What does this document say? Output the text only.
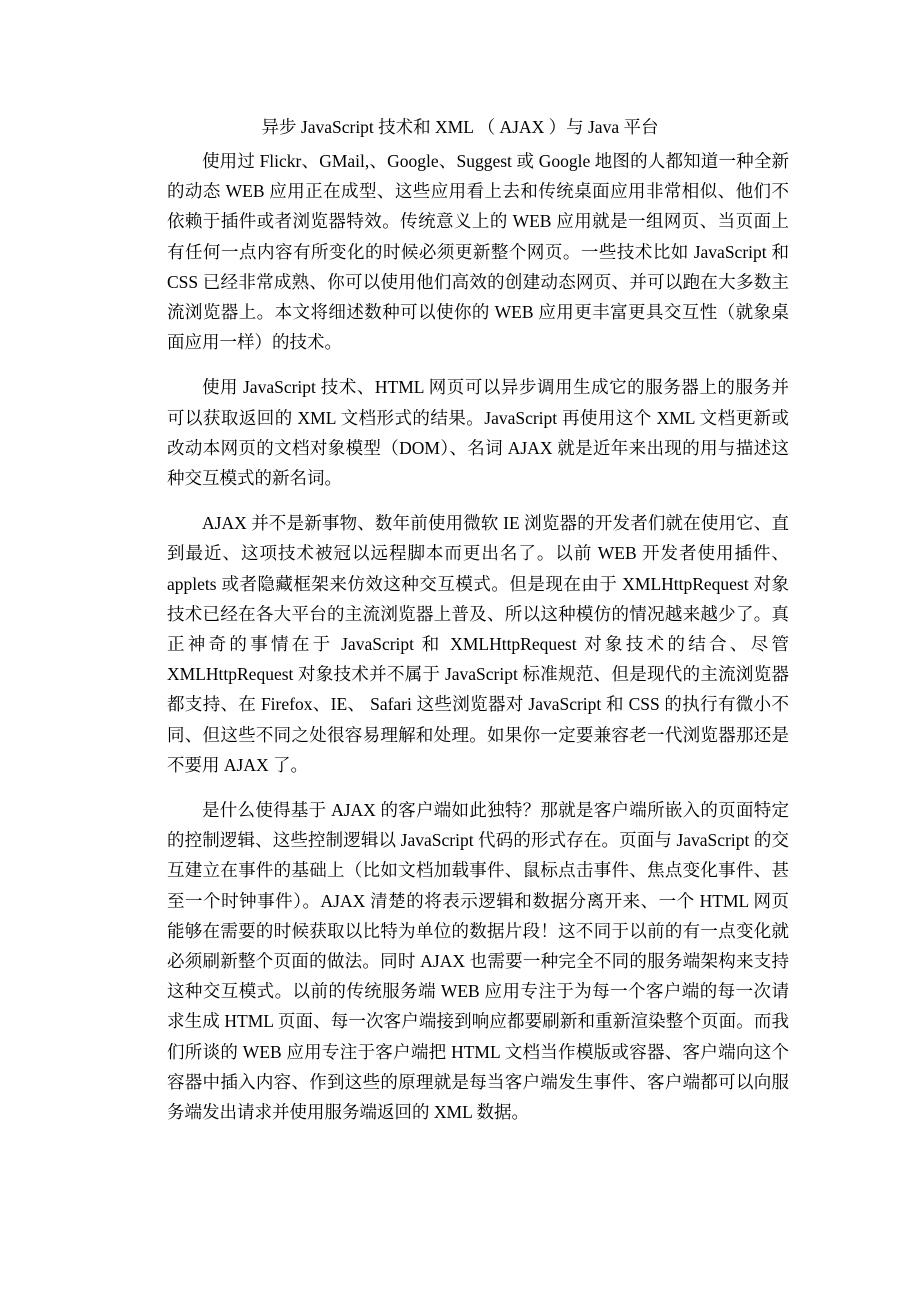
异步 JavaScript 技术和 XML （ AJAX ）与 Java 平台

使用过 Flickr、GMail,、Google、Suggest 或 Google 地图的人都知道一种全新的动态 WEB 应用正在成型、这些应用看上去和传统桌面应用非常相似、他们不依赖于插件或者浏览器特效。传统意义上的 WEB 应用就是一组网页、当页面上有任何一点内容有所变化的时候必须更新整个网页。一些技术比如 JavaScript 和 CSS 已经非常成熟、你可以使用他们高效的创建动态网页、并可以跑在大多数主流浏览器上。本文将细述数种可以使你的 WEB 应用更丰富更具交互性（就象桌面应用一样）的技术。

使用 JavaScript 技术、HTML 网页可以异步调用生成它的服务器上的服务并可以获取返回的 XML 文档形式的结果。JavaScript 再使用这个 XML 文档更新或改动本网页的文档对象模型（DOM）、名词 AJAX 就是近年来出现的用与描述这种交互模式的新名词。

AJAX 并不是新事物、数年前使用微软 IE 浏览器的开发者们就在使用它、直到最近、这项技术被冠以远程脚本而更出名了。以前 WEB 开发者使用插件、applets 或者隐藏框架来仿效这种交互模式。但是现在由于 XMLHttpRequest 对象技术已经在各大平台的主流浏览器上普及、所以这种模仿的情况越来越少了。真正神奇的事情在于 JavaScript 和 XMLHttpRequest 对象技术的结合、尽管 XMLHttpRequest 对象技术并不属于 JavaScript 标准规范、但是现代的主流浏览器都支持、在 Firefox、IE、 Safari 这些浏览器对 JavaScript 和 CSS 的执行有微小不同、但这些不同之处很容易理解和处理。如果你一定要兼容老一代浏览器那还是不要用 AJAX 了。

是什么使得基于 AJAX 的客户端如此独特？那就是客户端所嵌入的页面特定的控制逻辑、这些控制逻辑以 JavaScript 代码的形式存在。页面与 JavaScript 的交互建立在事件的基础上（比如文档加载事件、鼠标点击事件、焦点变化事件、甚至一个时钟事件）。AJAX 清楚的将表示逻辑和数据分离开来、一个 HTML 网页能够在需要的时候获取以比特为单位的数据片段！这不同于以前的有一点变化就必须刷新整个页面的做法。同时 AJAX 也需要一种完全不同的服务端架构来支持这种交互模式。以前的传统服务端 WEB 应用专注于为每一个客户端的每一次请求生成 HTML 页面、每一次客户端接到响应都要刷新和重新渲染整个页面。而我们所谈的 WEB 应用专注于客户端把 HTML 文档当作模版或容器、客户端向这个容器中插入内容、作到这些的原理就是每当客户端发生事件、客户端都可以向服务端发出请求并使用服务端返回的 XML 数据。
